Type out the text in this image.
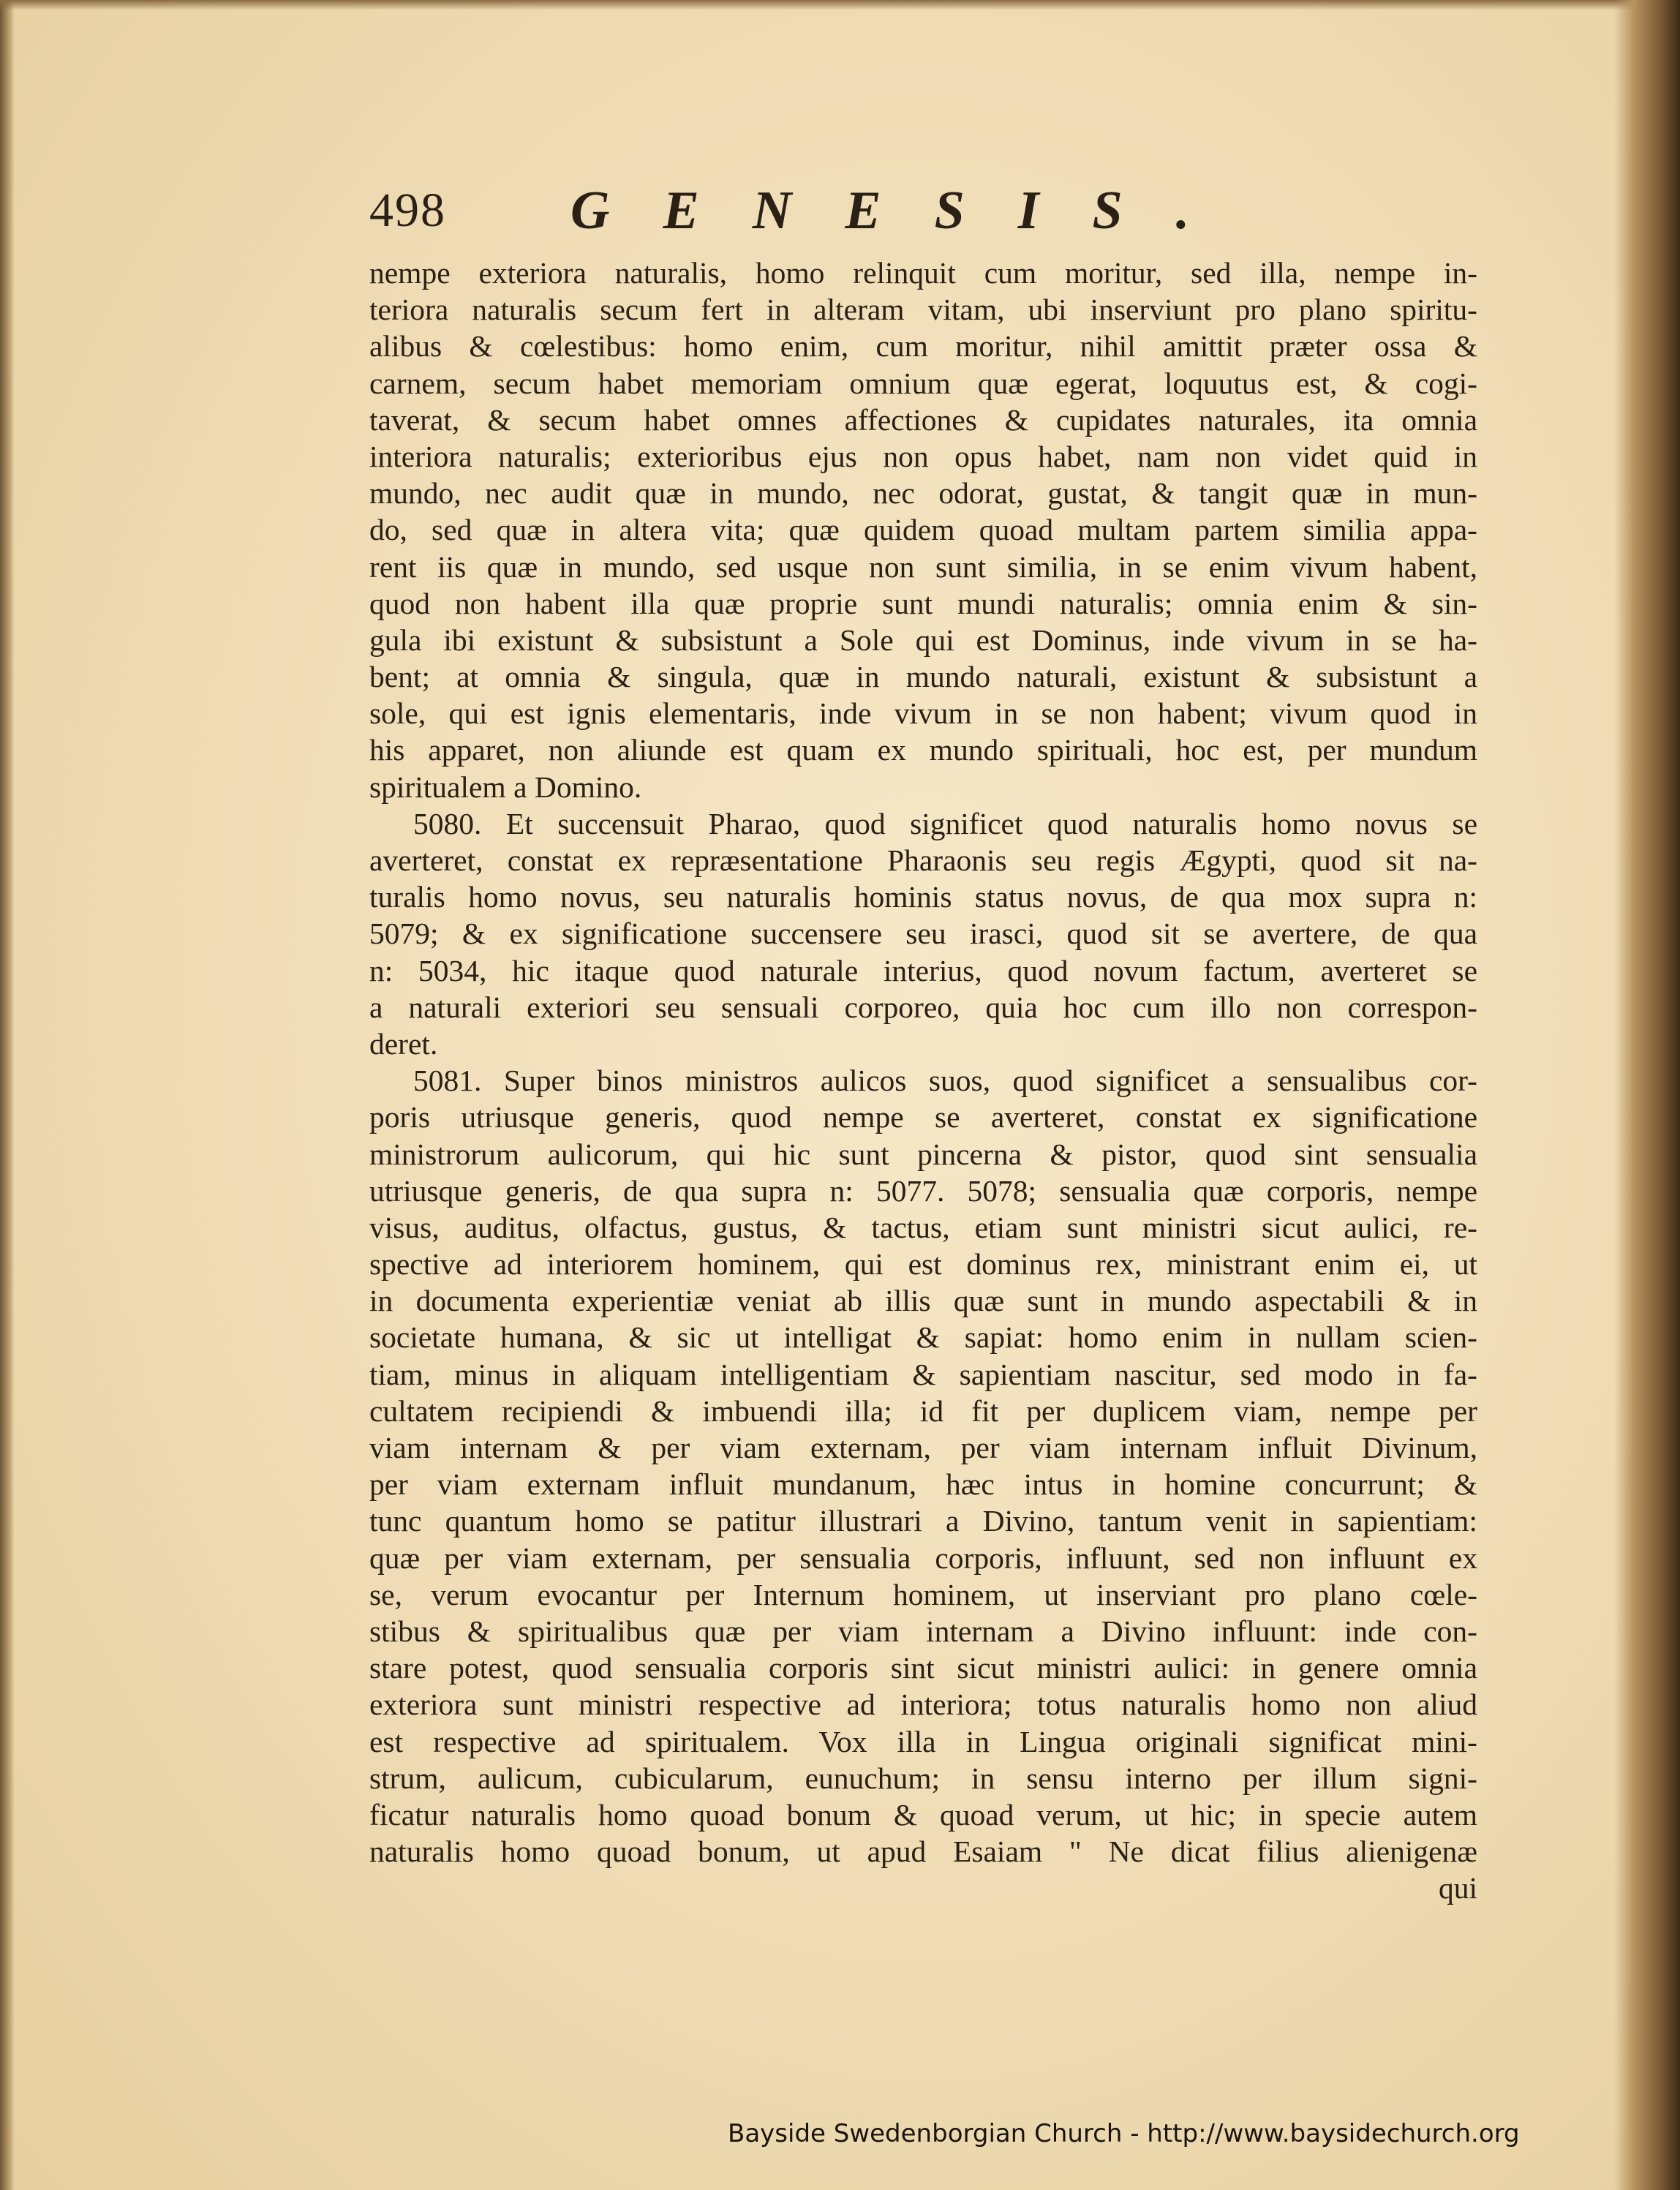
498 GENESIS.
nempe exteriora naturalis, homo relinquit cum moritur, sed illa, nempe in-
teriora naturalis secum fert in alteram vitam, ubi inserviunt pro plano spiritu-
alibus & cœlestibus: homo enim, cum moritur, nihil amittit præter ossa &
carnem, secum habet memoriam omnium quæ egerat, loquutus est, & cogi-
taverat, & secum habet omnes affectiones & cupidates naturales, ita omnia
interiora naturalis; exterioribus ejus non opus habet, nam non videt quid in
mundo, nec audit quæ in mundo, nec odorat, gustat, & tangit quæ in mun-
do, sed quæ in altera vita; quæ quidem quoad multam partem similia appa-
rent iis quæ in mundo, sed usque non sunt similia, in se enim vivum habent,
quod non habent illa quæ proprie sunt mundi naturalis; omnia enim & sin-
gula ibi existunt & subsistunt a Sole qui est Dominus, inde vivum in se ha-
bent; at omnia & singula, quæ in mundo naturali, existunt & subsistunt a
sole, qui est ignis elementaris, inde vivum in se non habent; vivum quod in
his apparet, non aliunde est quam ex mundo spirituali, hoc est, per mundum
spiritualem a Domino.
5080. Et succensuit Pharao, quod significet quod naturalis homo novus se
averteret, constat ex repræsentatione Pharaonis seu regis Ægypti, quod sit na-
turalis homo novus, seu naturalis hominis status novus, de qua mox supra n:
5079; & ex significatione succensere seu irasci, quod sit se avertere, de qua
n: 5034, hic itaque quod naturale interius, quod novum factum, averteret se
a naturali exteriori seu sensuali corporeo, quia hoc cum illo non correspon-
deret.
5081. Super binos ministros aulicos suos, quod significet a sensualibus cor-
poris utriusque generis, quod nempe se averteret, constat ex significatione
ministrorum aulicorum, qui hic sunt pincerna & pistor, quod sint sensualia
utriusque generis, de qua supra n: 5077. 5078; sensualia quæ corporis, nempe
visus, auditus, olfactus, gustus, & tactus, etiam sunt ministri sicut aulici, re-
spective ad interiorem hominem, qui est dominus rex, ministrant enim ei, ut
in documenta experientiæ veniat ab illis quæ sunt in mundo aspectabili & in
societate humana, & sic ut intelligat & sapiat: homo enim in nullam scien-
tiam, minus in aliquam intelligentiam & sapientiam nascitur, sed modo in fa-
cultatem recipiendi & imbuendi illa; id fit per duplicem viam, nempe per
viam internam & per viam externam, per viam internam influit Divinum,
per viam externam influit mundanum, hæc intus in homine concurrunt; &
tunc quantum homo se patitur illustrari a Divino, tantum venit in sapientiam:
quæ per viam externam, per sensualia corporis, influunt, sed non influunt ex
se, verum evocantur per Internum hominem, ut inserviant pro plano cœle-
stibus & spiritualibus quæ per viam internam a Divino influunt: inde con-
stare potest, quod sensualia corporis sint sicut ministri aulici: in genere omnia
exteriora sunt ministri respective ad interiora; totus naturalis homo non aliud
est respective ad spiritualem. Vox illa in Lingua originali significat mini-
strum, aulicum, cubicularum, eunuchum; in sensu interno per illum signi-
ficatur naturalis homo quoad bonum & quoad verum, ut hic; in specie autem
naturalis homo quoad bonum, ut apud Esaiam " Ne dicat filius alienigenæ
qui
Bayside Swedenborgian Church - http://www.baysidechurch.org
